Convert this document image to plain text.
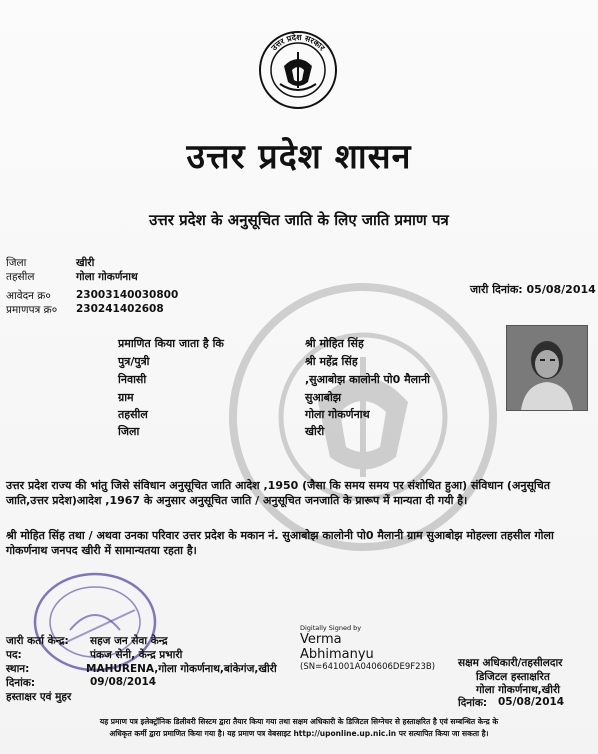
उत्तर प्रदेश सरकार
उत्तर प्रदेश शासन
उत्तर प्रदेश के अनुसूचित जाति के लिए जाति प्रमाण पत्र
जिला	खीरी
तहसील	गोला गोकर्णनाथ
आवेदन क्र० 230031400308​00
प्रमाणपत्र क्र० 230241402608
जारी दिनांक: 05/08/2014
प्रमाणित किया जाता है कि	श्री मोहित सिंह
पुत्र/पुत्री	श्री महेंद्र सिंह
निवासी	,सुआबोझ कालोनी पो0 मैलानी
ग्राम	सुआबोझ
तहसील	गोला गोकर्णनाथ
जिला	खीरी
उत्तर प्रदेश राज्य की भांतु जिसे संविधान अनुसूचित जाति आदेश ,1950 (जैसा कि समय समय पर संशोधित हुआ) संविधान (अनुसूचित जाति,उत्तर प्रदेश)आदेश ,1967 के अनुसार अनुसूचित जाति / अनुसूचित जनजाति के प्रारूप में मान्यता दी गयी है।
श्री मोहित सिंह तथा / अथवा उनका परिवार उत्तर प्रदेश के मकान नं. सुआबोझ कालोनी पो0 मैलानी ग्राम सुआबोझ मोहल्ला तहसील गोला गोकर्णनाथ जनपद खीरी में सामान्यतया रहता है।
जारी कर्ता केन्द्र: सहज जन सेवा केन्द्र
पद:	पंकज सेनी, केन्द्र प्रभारी
स्थान:	MAHURENA,गोला गोकर्णनाथ,बांकेगंज,खीरी
दिनांक:	09/08/2014
हस्ताक्षर एवं मुहर
Digitally Signed by
Verma
Abhimanyu
(SN=641001A040606DE9F23B) सक्षम अधिकारी/तहसीलदार
डिजिटल हस्ताक्षरित
गोला गोकर्णनाथ,खीरी
दिनांक: 05/08/2014
यह प्रमाण पत्र इलेक्ट्रॉनिक डिलीवरी सिस्टम द्वारा तैयार किया गया तथा सक्षम अधिकारी के डिजिटल सिग्नेचर से हस्ताक्षरित है एवं सम्बन्धित केन्द्र के
अधिकृत कर्मी द्वारा प्रमाणित किया गया है। यह प्रमाण पत्र वेबसाइट http://uponline.up.nic.in पर सत्यापित किया जा सकता है।
